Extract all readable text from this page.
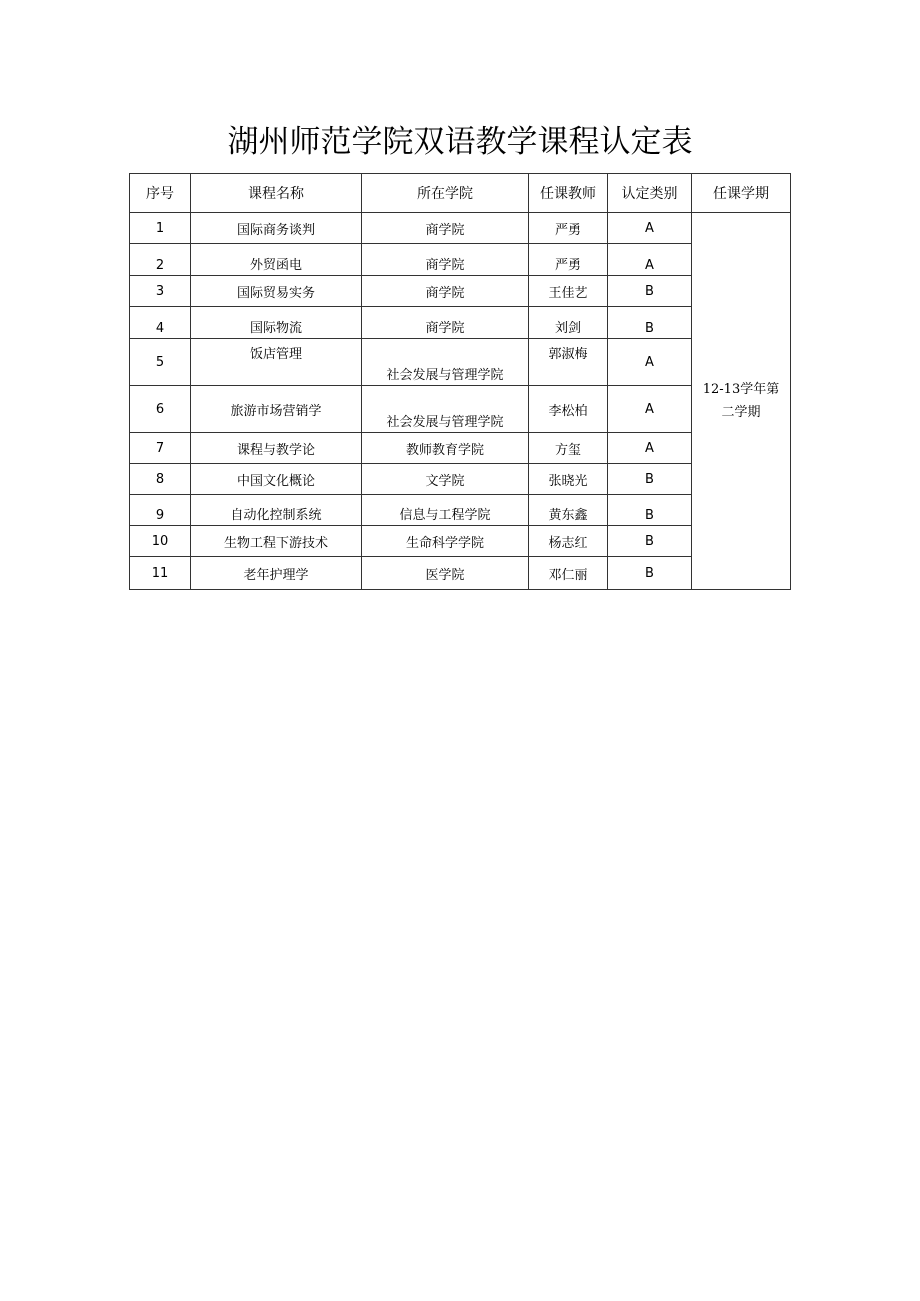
湖州师范学院双语教学课程认定表
序号	课程名称	所在学院	任课教师	认定类别	任课学期
1	国际商务谈判	商学院	严勇	A	12-13学年第
二学期
2	外贸函电	商学院	严勇	A	
3	国际贸易实务	商学院	王佳艺	B	
4	国际物流	商学院	刘剑	B	
5	饭店管理	社会发展与管理学院	郭淑梅	A	
6	旅游市场营销学	社会发展与管理学院	李松柏	A	
7	课程与教学论	教师教育学院	方玺	A	
8	中国文化概论	文学院	张晓光	B	
9	自动化控制系统	信息与工程学院	黄东鑫	B	
10	生物工程下游技术	生命科学学院	杨志红	B	
11	老年护理学	医学院	邓仁丽	B	
